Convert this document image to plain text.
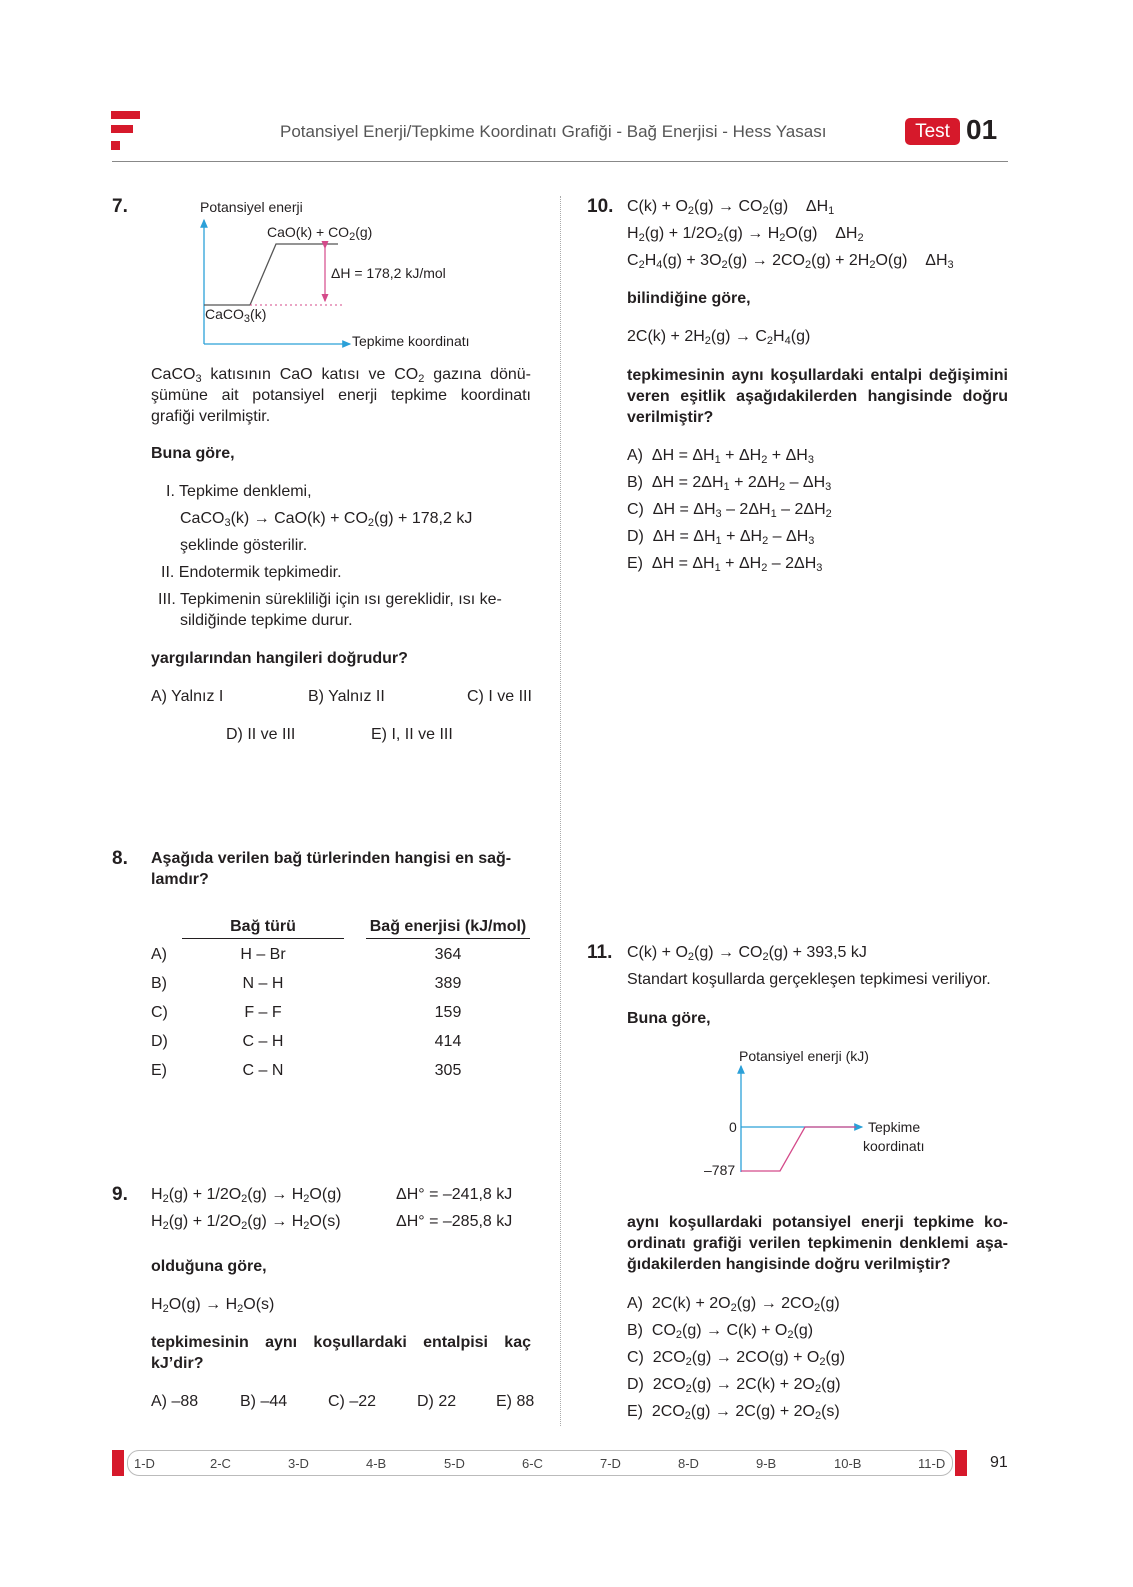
Potansiyel Enerji/Tepkime Koordinatı Grafiği - Bağ Enerjisi - Hess Yasası	Test 01
7.	Potansiyel enerji
$CaO(k) + CO_2(g)$
ΔH = 178,2 kJ/mol
CaCO$_3$(k)
Tepkime koordinatı
CaCO$_3$ katısının CaO katısı ve $CO_2$ gazına dönü-
şümüne ait potansiyel enerji tepkime koordinatı
grafiği verilmiştir.
Buna göre,
I. Tepkime denklemi,
CaCO$_3$(k) → $CaO(k) + CO_2(g) + 178,2$ kJ
şeklinde gösterilir.
II. Endotermik tepkimedir.
III. Tepkimenin sürekliliği için ısı gereklidir, ısı ke-
sildiğinde tepkime durur.
yargılarından hangileri doğrudur?
A) Yalnız I	B) Yalnız II	C) I ve III
D) II ve III	E) I, II ve III
8. Aşağıda verilen bağ türlerinden hangisi en sağ-
lamdır?
Bağ türü	Bağ enerjisi (kJ/mol)
A)	H – Br	364
B)	N – H	389
C)	F – F	159
D)	C – H	414
E)	C – N	305
9. $H_2(g) + 1/2O_2(g) \to H_2O(g)$	ΔH° = –241,8 kJ
$H_2(g) + 1/2O_2(g) \to H_2O(s)$	ΔH° = –285,8 kJ
olduğuna göre,
$H_2O(g) \to H_2O(s)$
tepkimesinin aynı koşullardaki entalpisi kaç
kJ’dir?
A) –88	B) –44	C) –22	D) 22 E) 88
10. $C(k) + O_2(g) \to CO_2(g)$    $\Delta H_1$
$H_2(g) + 1/2O_2(g) \to H_2O(g)$    $\Delta H_2$
$C_2H_4(g) + 3O_2(g) \to 2CO_2(g) + 2H_2O(g)$    $\Delta H_3$
bilindiğine göre,
$2C(k) + 2H_2(g) \to C_2H_4(g)$
tepkimesinin aynı koşullardaki entalpi değişimini
veren eşitlik aşağıdakilerden hangisinde doğru
verilmiştir?
A)  $\Delta H = \Delta H_1 + \Delta H_2 + \Delta H_3$
B)  $\Delta H = 2\Delta H_1 + 2\Delta H_2 - \Delta H_3$
C)  $\Delta H = \Delta H_3 - 2\Delta H_1 - 2\Delta H_2$
D)  $\Delta H = \Delta H_1 + \Delta H_2 - \Delta H_3$
E)  $\Delta H = \Delta H_1 + \Delta H_2 - 2\Delta H_3$
11. $C(k) + O_2(g) \to CO_2(g) + 393,5$ kJ
Standart koşullarda gerçekleşen tepkimesi veriliyor.
Buna göre,
Potansiyel enerji (kJ)
0
–787
Tepkime
koordinatı
aynı koşullardaki potansiyel enerji tepkime ko-
ordinatı grafiği verilen tepkimenin denklemi aşa-
ğıdakilerden hangisinde doğru verilmiştir?
A)  $2C(k) + 2O_2(g) \to 2CO_2(g)$
B)  $CO_2(g) \to C(k) + O_2(g)$
C)  $2CO_2(g) \to 2CO(g) + O_2(g)$
D)  $2CO_2(g) \to 2C(k) + 2O_2(g)$
E)  $2CO_2(g) \to 2C(g) + 2O_2(s)$
1-D	2-C	3-D	4-B	5-D	6-C	7-D	8-D	9-B	10-B	11-D	91
